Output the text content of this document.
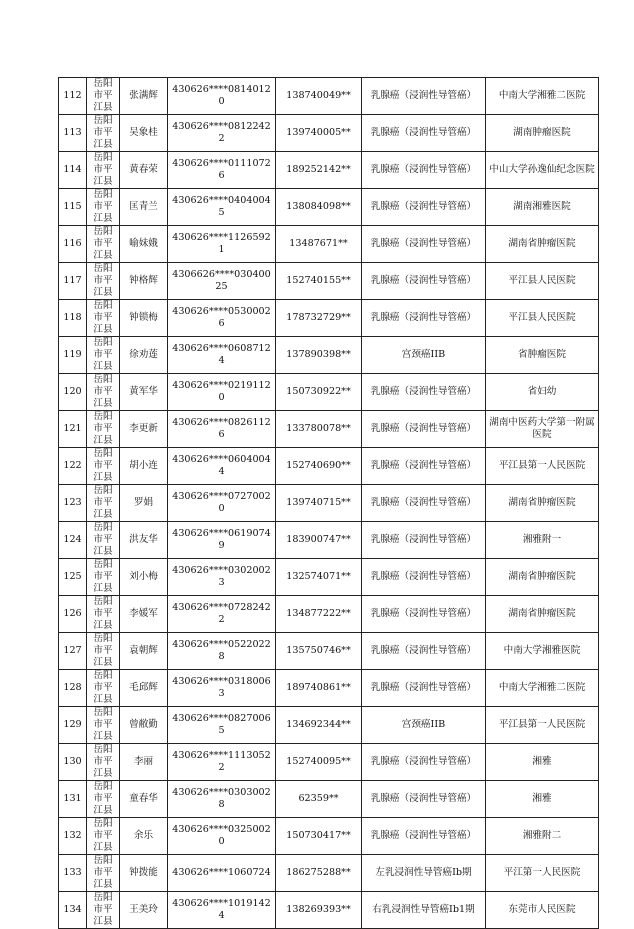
112	岳阳市平江县	张满辉	430626****08140120	138740049**	乳腺癌（浸润性导管癌）	中南大学湘雅二医院
113	岳阳市平江县	吴象桂	430626****08122422	139740005**	乳腺癌（浸润性导管癌）	湖南肿瘤医院
114	岳阳市平江县	黄春荣	430626****01110726	189252142**	乳腺癌（浸润性导管癌）	中山大学孙逸仙纪念医院
115	岳阳市平江县	匡青兰	430626****04040045	138084098**	乳腺癌（浸润性导管癌）	湖南湘雅医院
116	岳阳市平江县	喻妹娥	430626****11265921	13487671**	乳腺癌（浸润性导管癌）	湖南省肿瘤医院
117	岳阳市平江县	钟格辉	4306626****03040025	152740155**	乳腺癌（浸润性导管癌）	平江县人民医院
118	岳阳市平江县	钟锁梅	430626****05300026	178732729**	乳腺癌（浸润性导管癌）	平江县人民医院
119	岳阳市平江县	徐劝莲	430626****06087124	137890398**	宫颈癌IIB	省肿瘤医院
120	岳阳市平江县	黄军华	430626****02191120	150730922**	乳腺癌（浸润性导管癌）	省妇幼
121	岳阳市平江县	李更新	430626****08261126	133780078**	乳腺癌（浸润性导管癌）	湖南中医药大学第一附属医院
122	岳阳市平江县	胡小连	430626****06040044	152740690**	乳腺癌（浸润性导管癌）	平江县第一人民医院
123	岳阳市平江县	罗娟	430626****07270020	139740715**	乳腺癌（浸润性导管癌）	湖南省肿瘤医院
124	岳阳市平江县	洪友华	430626****06190749	183900747**	乳腺癌（浸润性导管癌）	湘雅附一
125	岳阳市平江县	刘小梅	430626****03020023	132574071**	乳腺癌（浸润性导管癌）	湖南省肿瘤医院
126	岳阳市平江县	李媛军	430626****07282422	134877222**	乳腺癌（浸润性导管癌）	湖南省肿瘤医院
127	岳阳市平江县	袁朝辉	430626****05220228	135750746**	乳腺癌（浸润性导管癌）	中南大学湘雅医院
128	岳阳市平江县	毛邱辉	430626****03180063	189740861**	乳腺癌（浸润性导管癌）	中南大学湘雅二医院
129	岳阳市平江县	曾敝勤	430626****08270065	134692344**	宫颈癌IIB	平江县第一人民医院
130	岳阳市平江县	李丽	430626****11130522	152740095**	乳腺癌（浸润性导管癌）	湘雅
131	岳阳市平江县	童春华	430626****03030028	62359**	乳腺癌（浸润性导管癌）	湘雅
132	岳阳市平江县	余乐	430626****03250020	150730417**	乳腺癌（浸润性导管癌）	湘雅附二
133	岳阳市平江县	钟拨能	430626****1060724	186275288**	左乳浸润性导管癌Ib期	平江第一人民医院
134	岳阳市平江县	王美玲	430626****10191424	138269393**	右乳浸润性导管癌Ib1期	东莞市人民医院
